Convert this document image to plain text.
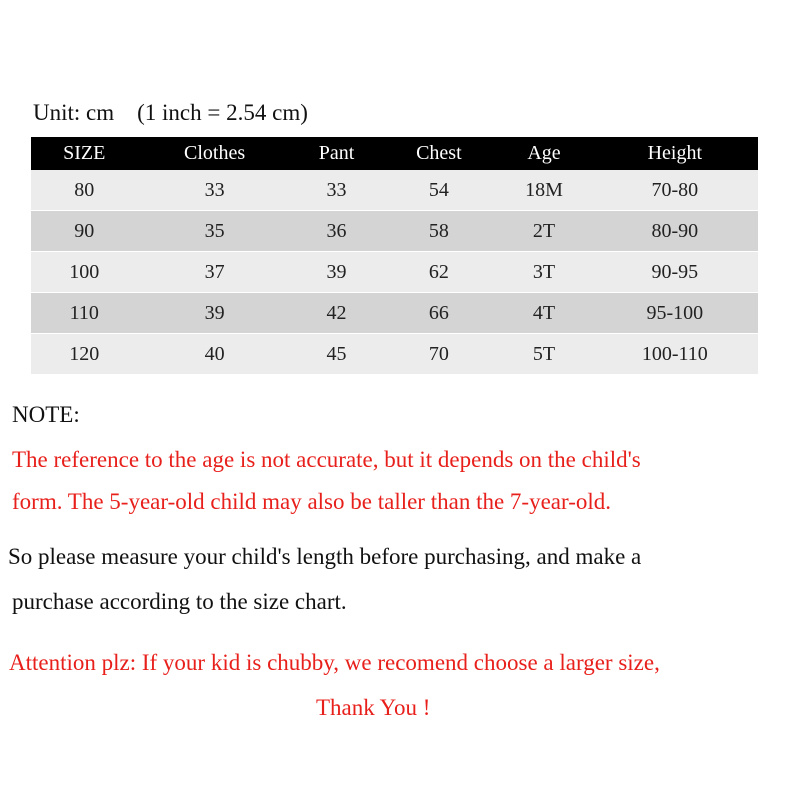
Unit: cm    (1 inch = 2.54 cm)
SIZE	Clothes	Pant	Chest	Age	Height
80	33	33	54	18M	70-80
90	35	36	58	2T	80-90
100	37	39	62	3T	90-95
110	39	42	66	4T	95-100
120	40	45	70	5T	100-110
NOTE:
The reference to the age is not accurate, but it depends on the child's
form. The 5-year-old child may also be taller than the 7-year-old.
So please measure your child's length before purchasing, and make a
purchase according to the size chart.
Attention plz: If your kid is chubby, we recomend choose a larger size,
Thank You !
